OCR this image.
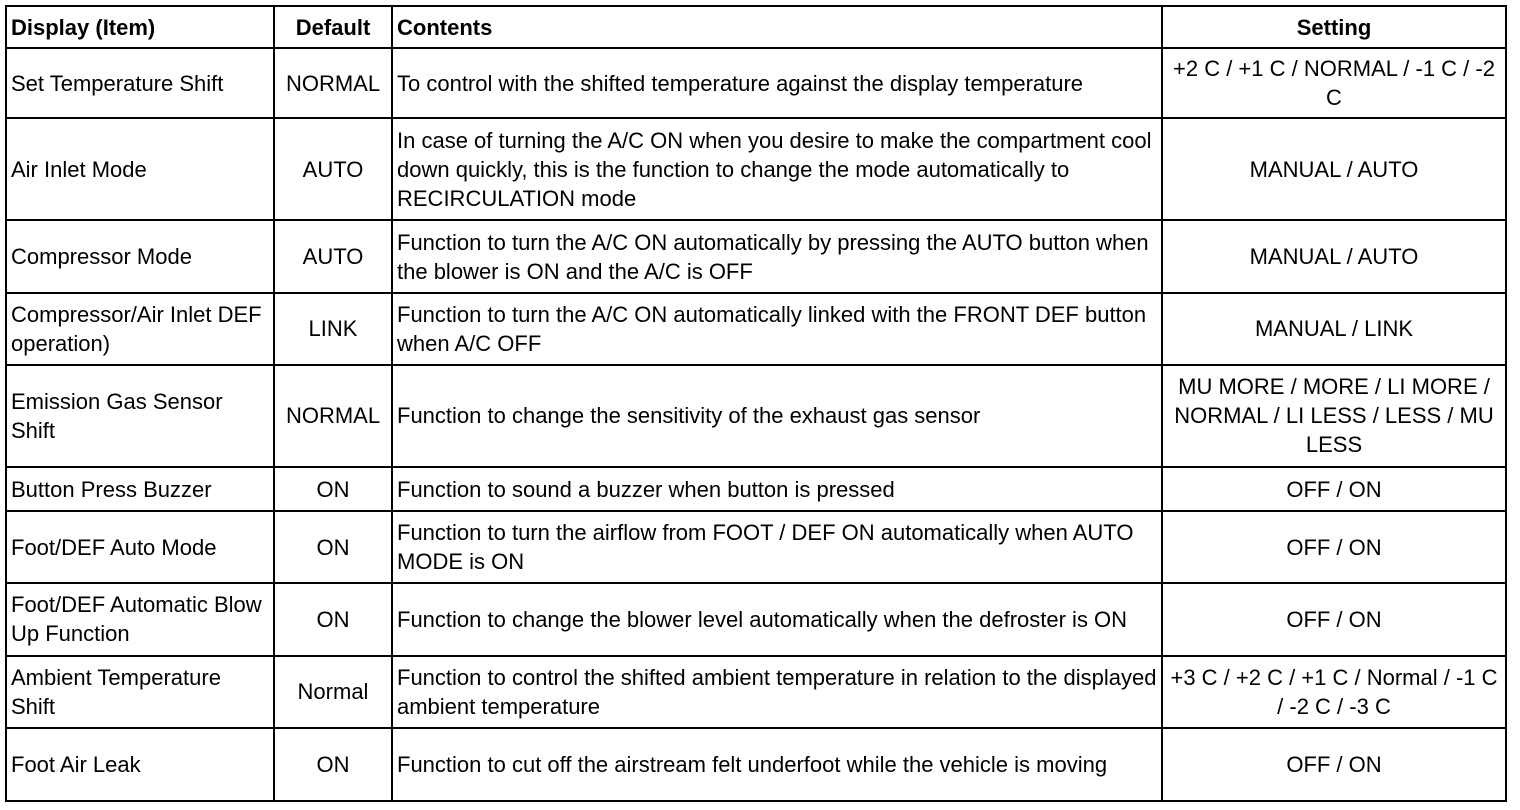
Display (Item)	Default	Contents	Setting
Set Temperature Shift	NORMAL	To control with the shifted temperature against the display temperature	+2 C / +1 C / NORMAL / -1 C / -2 C
Air Inlet Mode	AUTO	In case of turning the A/C ON when you desire to make the compartment cool down quickly, this is the function to change the mode automatically to RECIRCULATION mode	MANUAL / AUTO
Compressor Mode	AUTO	Function to turn the A/C ON automatically by pressing the AUTO button when the blower is ON and the A/C is OFF	MANUAL / AUTO
Compressor/Air Inlet DEF operation)	LINK	Function to turn the A/C ON automatically linked with the FRONT DEF button when A/C OFF	MANUAL / LINK
Emission Gas Sensor Shift	NORMAL	Function to change the sensitivity of the exhaust gas sensor	MU MORE / MORE / LI MORE / NORMAL / LI LESS / LESS / MU LESS
Button Press Buzzer	ON	Function to sound a buzzer when button is pressed	OFF / ON
Foot/DEF Auto Mode	ON	Function to turn the airflow from FOOT / DEF ON automatically when AUTO MODE is ON	OFF / ON
Foot/DEF Automatic Blow Up Function	ON	Function to change the blower level automatically when the defroster is ON	OFF / ON
Ambient Temperature Shift	Normal	Function to control the shifted ambient temperature in relation to the displayed ambient temperature	+3 C / +2 C / +1 C / Normal / -1 C / -2 C / -3 C
Foot Air Leak	ON	Function to cut off the airstream felt underfoot while the vehicle is moving	OFF / ON
